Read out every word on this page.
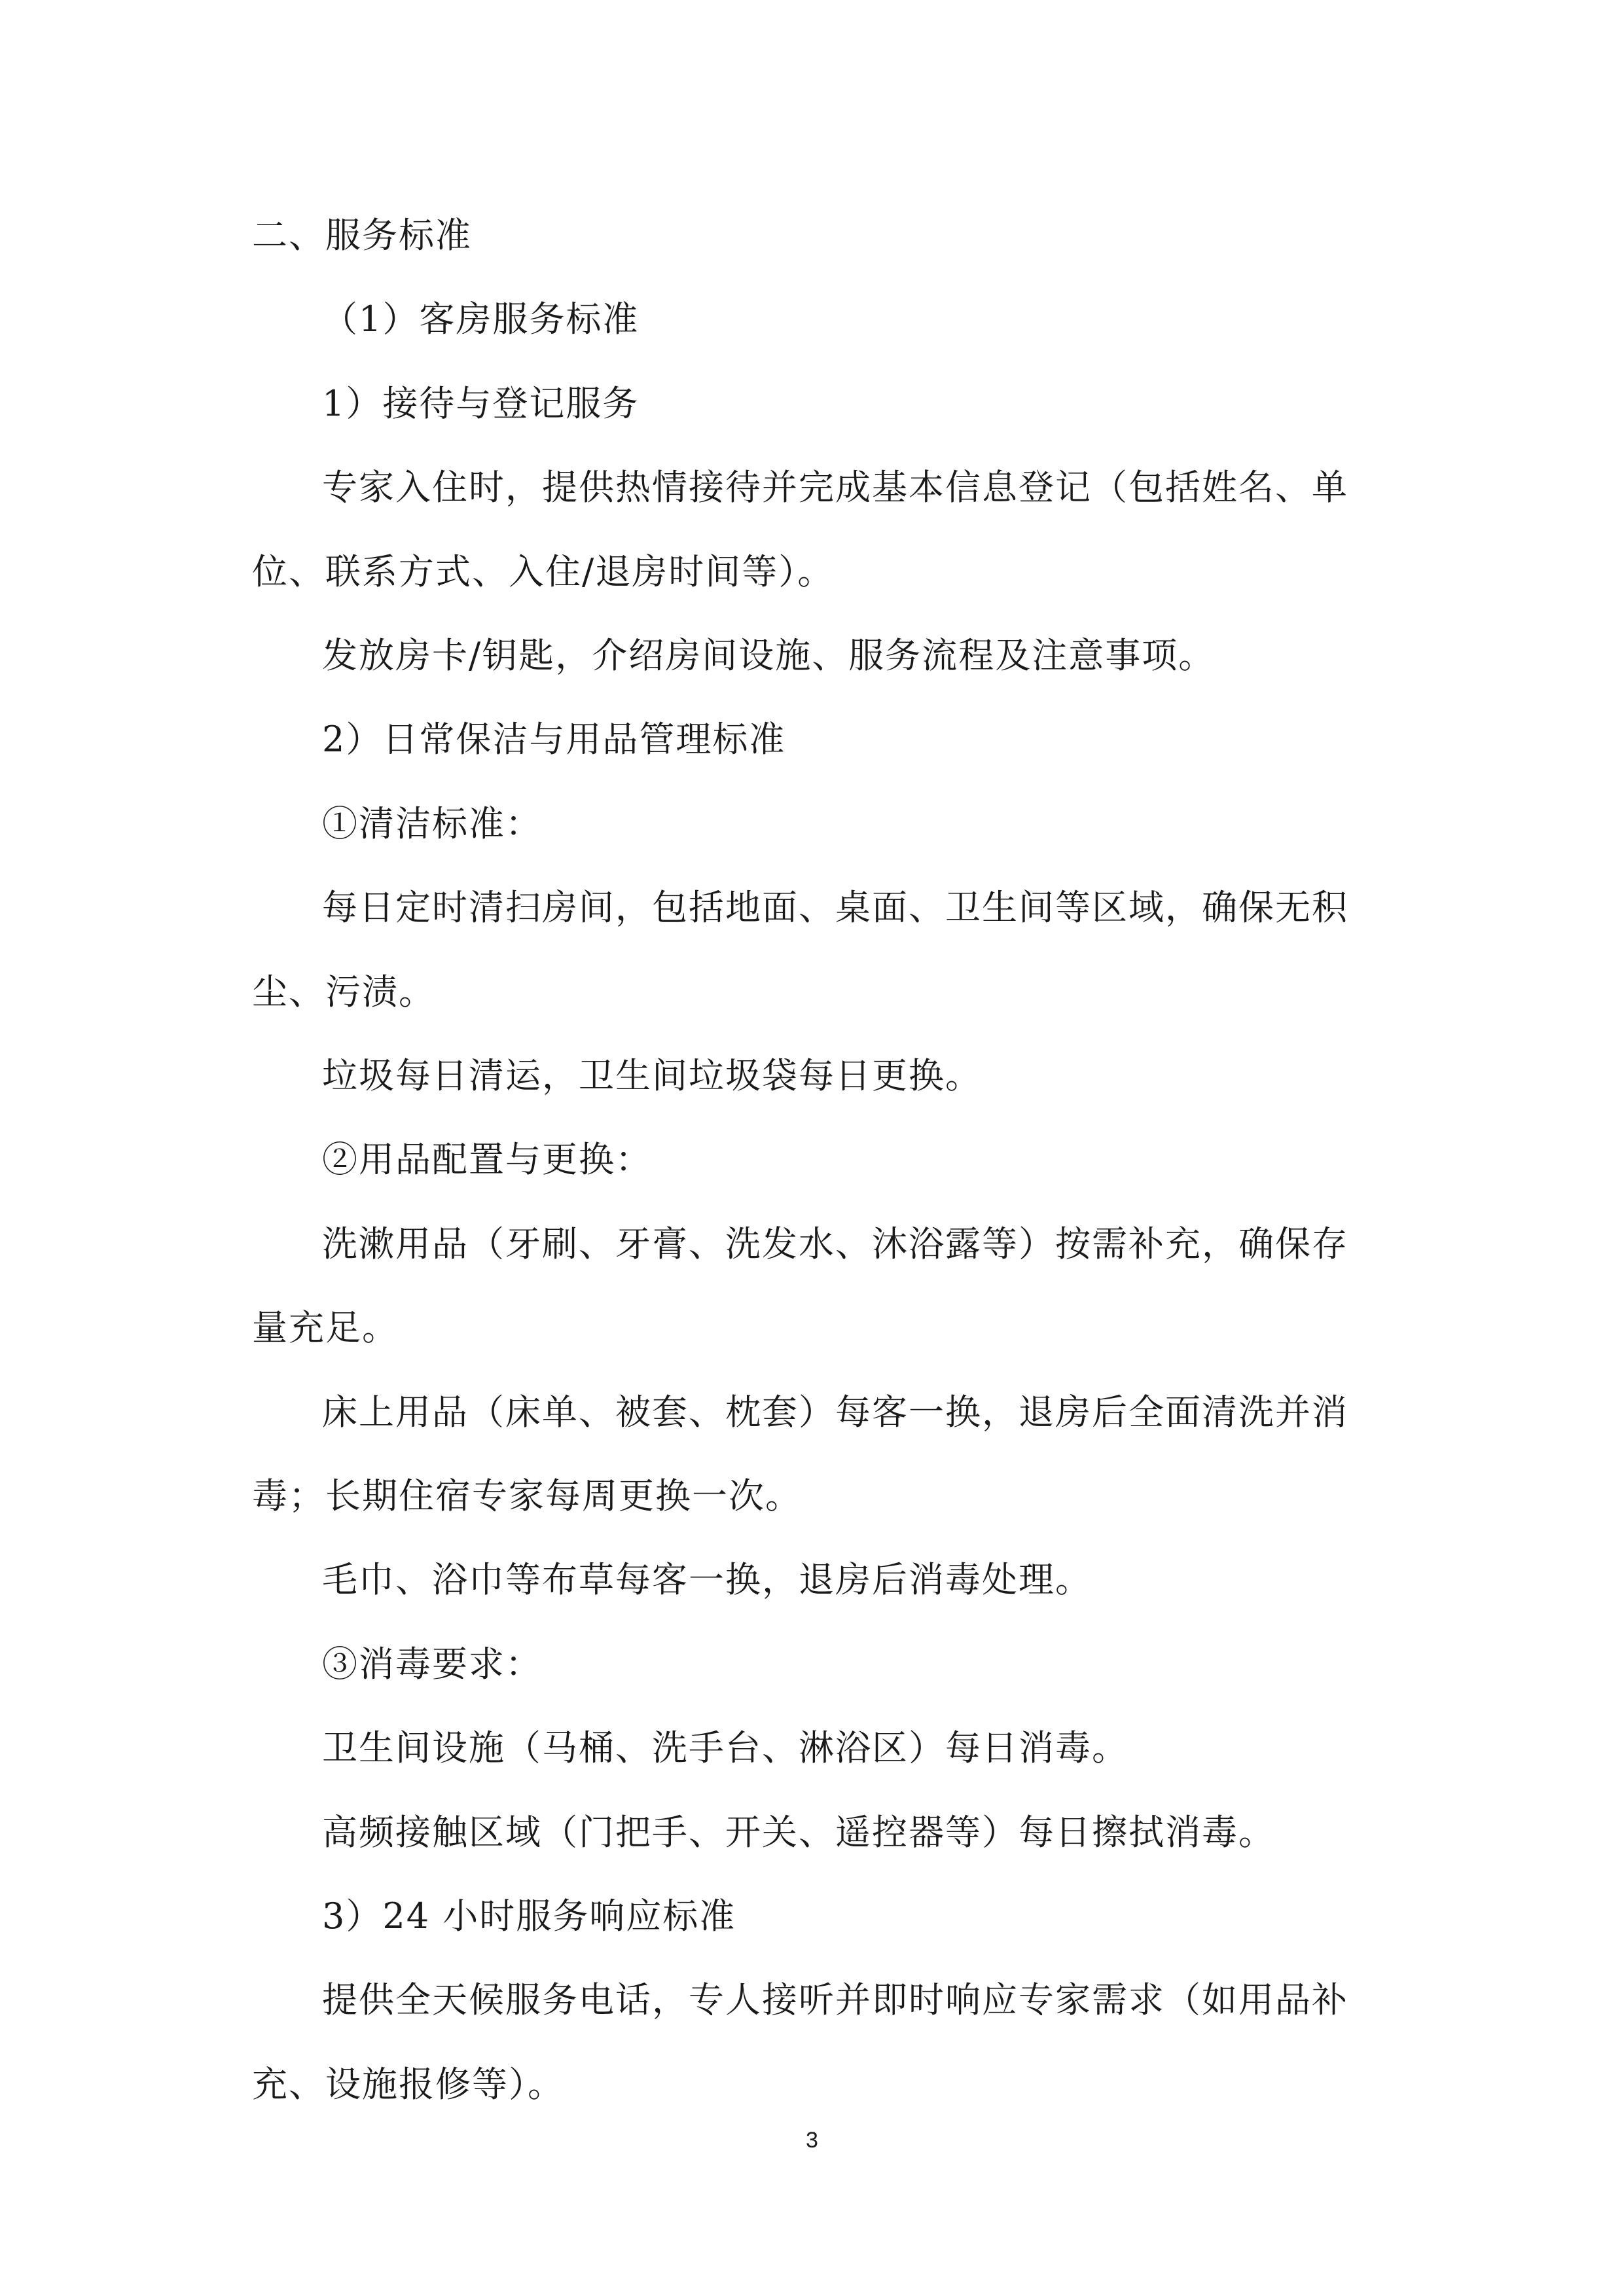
二、服务标准

（1）客房服务标准

1）接待与登记服务

专家入住时，提供热情接待并完成基本信息登记（包括姓名、单

位、联系方式、入住/退房时间等）。

发放房卡/钥匙，介绍房间设施、服务流程及注意事项。

2）日常保洁与用品管理标准

①清洁标准：

每日定时清扫房间，包括地面、桌面、卫生间等区域，确保无积

尘、污渍。

垃圾每日清运，卫生间垃圾袋每日更换。

②用品配置与更换：

洗漱用品（牙刷、牙膏、洗发水、沐浴露等）按需补充，确保存

量充足。

床上用品（床单、被套、枕套）每客一换，退房后全面清洗并消

毒；长期住宿专家每周更换一次。

毛巾、浴巾等布草每客一换，退房后消毒处理。

③消毒要求：

卫生间设施（马桶、洗手台、淋浴区）每日消毒。

高频接触区域（门把手、开关、遥控器等）每日擦拭消毒。

3）24 小时服务响应标准

提供全天候服务电话，专人接听并即时响应专家需求（如用品补

充、设施报修等）。

3
